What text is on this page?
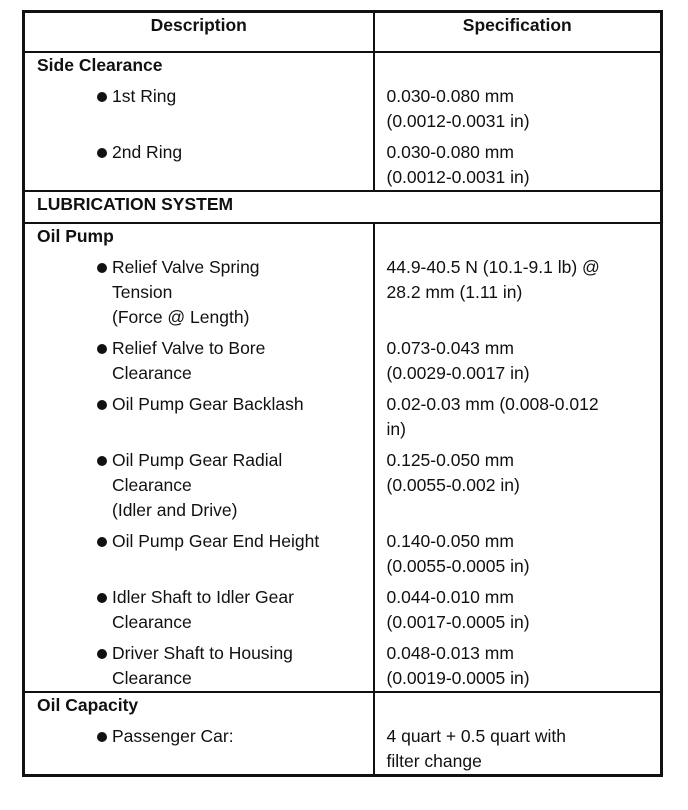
Description	Specification
Side Clearance	

1st Ring	0.030-0.080 mm
(0.0012-0.0031 in)

2nd Ring	0.030-0.080 mm
(0.0012-0.0031 in)
LUBRICATION SYSTEM	
Oil Pump	

Relief Valve Spring
Tension
(Force @ Length)	44.9-40.5 N (10.1-9.1 lb) @
28.2 mm (1.11 in)

Relief Valve to Bore
Clearance	0.073-0.043 mm
(0.0029-0.0017 in)

Oil Pump Gear Backlash	0.02-0.03 mm (0.008-0.012
in)

Oil Pump Gear Radial
Clearance
(Idler and Drive)	0.125-0.050 mm
(0.0055-0.002 in)

Oil Pump Gear End Height	0.140-0.050 mm
(0.0055-0.0005 in)

Idler Shaft to Idler Gear
Clearance	0.044-0.010 mm
(0.0017-0.0005 in)

Driver Shaft to Housing
Clearance	0.048-0.013 mm
(0.0019-0.0005 in)
Oil Capacity	

Passenger Car:	4 quart + 0.5 quart with
filter change
